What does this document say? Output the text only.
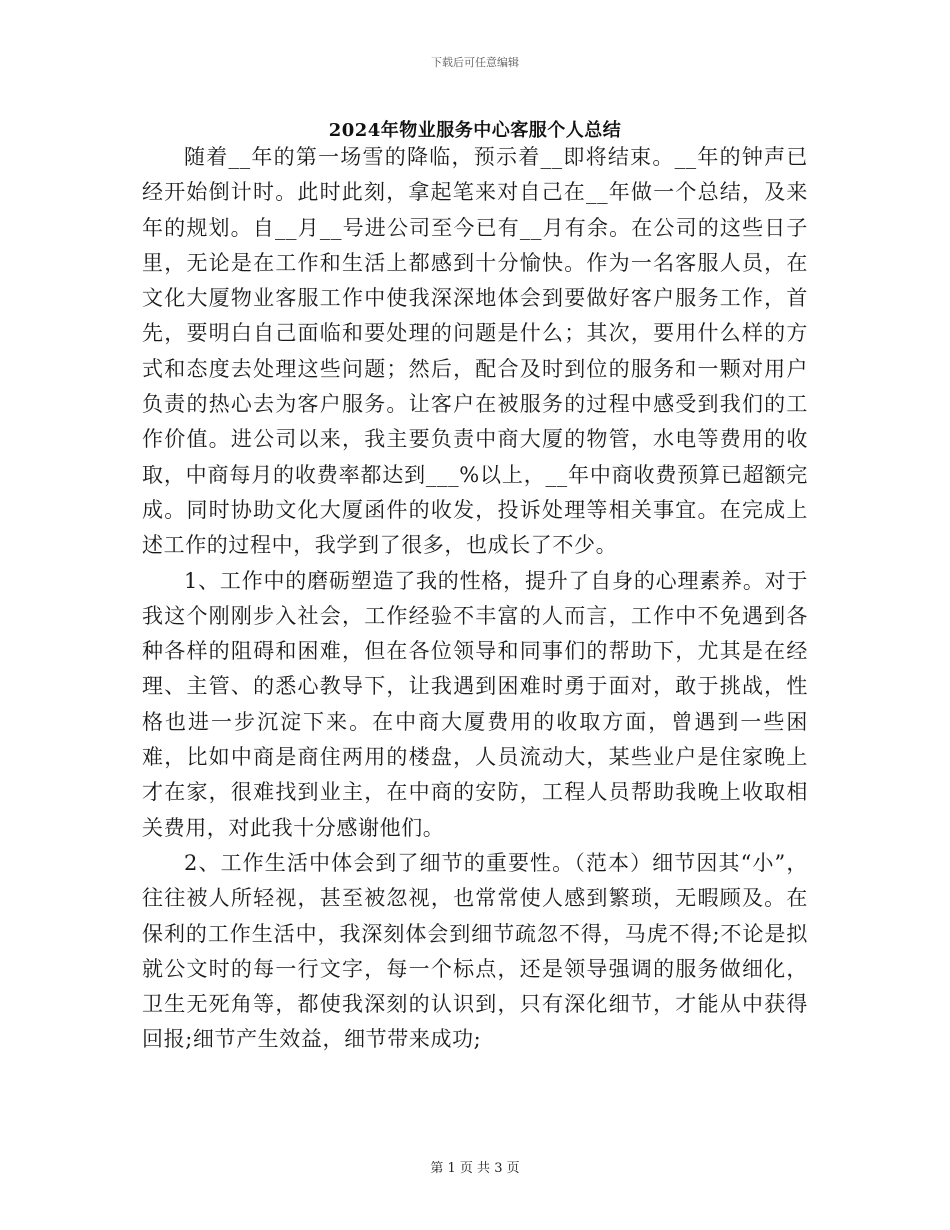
下载后可任意编辑
2024年物业服务中心客服个人总结

随着__年的第一场雪的降临，预示着__即将结束。__年的钟声已经开始倒计时。此时此刻，拿起笔来对自己在__年做一个总结，及来年的规划。自__月__号进公司至今已有__月有余。在公司的这些日子里，无论是在工作和生活上都感到十分愉快。作为一名客服人员，在文化大厦物业客服工作中使我深深地体会到要做好客户服务工作，首先，要明白自己面临和要处理的问题是什么；其次，要用什么样的方式和态度去处理这些问题；然后，配合及时到位的服务和一颗对用户负责的热心去为客户服务。让客户在被服务的过程中感受到我们的工作价值。进公司以来，我主要负责中商大厦的物管，水电等费用的收取，中商每月的收费率都达到___%以上，__年中商收费预算已超额完成。同时协助文化大厦函件的收发，投诉处理等相关事宜。在完成上述工作的过程中，我学到了很多，也成长了不少。

1、工作中的磨砺塑造了我的性格，提升了自身的心理素养。对于我这个刚刚步入社会，工作经验不丰富的人而言，工作中不免遇到各种各样的阻碍和困难，但在各位领导和同事们的帮助下，尤其是在经理、主管、的悉心教导下，让我遇到困难时勇于面对，敢于挑战，性格也进一步沉淀下来。在中商大厦费用的收取方面，曾遇到一些困难，比如中商是商住两用的楼盘，人员流动大，某些业户是住家晚上才在家，很难找到业主，在中商的安防，工程人员帮助我晚上收取相关费用，对此我十分感谢他们。

2、工作生活中体会到了细节的重要性。（范本）细节因其“小”，往往被人所轻视，甚至被忽视，也常常使人感到繁琐，无暇顾及。在保利的工作生活中，我深刻体会到细节疏忽不得，马虎不得;不论是拟就公文时的每一行文字，每一个标点，还是领导强调的服务做细化，卫生无死角等，都使我深刻的认识到，只有深化细节，才能从中获得回报;细节产生效益，细节带来成功;

第 1 页 共 3 页
